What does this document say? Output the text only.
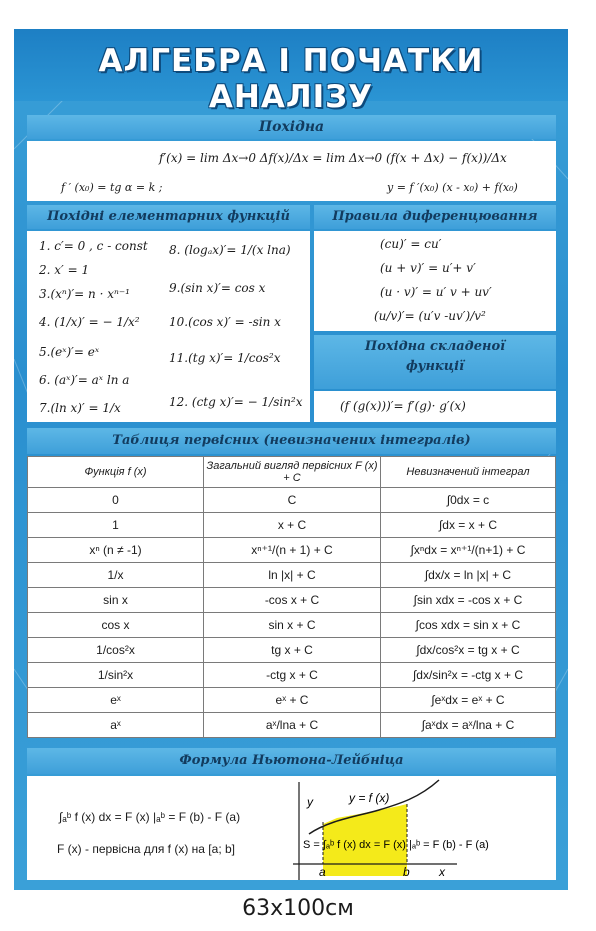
АЛГЕБРА І ПОЧАТКИ АНАЛІЗУ
Похідна
f′(x) = lim Δx→0 Δf(x)/Δx = lim Δx→0 (f(x + Δx) − f(x))/Δx
f ′ (x₀) = tg α = k ;	y = f ′(x₀) (x - x₀) + f(x₀)
Похідні елементарних функцій
1. c′= 0 , c - const
2. x′ = 1
3.(xⁿ)′= n · xⁿ⁻¹
4. (1/x)′ = − 1/x²
5.(eˣ)′= eˣ
6. (aˣ)′= aˣ ln a
7.(ln x)′ = 1/x
8. (logₐx)′= 1/(x lna)
9.(sin x)′= cos x
10.(cos x)′ = -sin x
11.(tg x)′= 1/cos²x
12. (ctg x)′= − 1/sin²x
Правила диференцювання
(cu)′ = cu′
(u + v)′ = u′+ v′
(u · v)′ = u′ v + uv′
(u/v)′= (u′v -uv′)/v²
Похідна складеної
функції
(f (g(x)))′= f′(g)· g′(x)
Таблиця первісних (невизначених інтегралів)
Функція f (x)	Загальний вигляд первісних F (x) + C	Невизначений інтеграл
0	C	∫0dx = c
1	x + C	∫dx = x + C
xⁿ (n ≠ -1)	xⁿ⁺¹/(n + 1) + C	∫xⁿdx = xⁿ⁺¹/(n+1) + C
1/x	ln |x| + C	∫dx/x = ln |x| + C
sin x	-cos x + C	∫sin xdx = -cos x + C
cos x	sin x + C	∫cos xdx = sin x + C
1/cos²x	tg x + C	∫dx/cos²x = tg x + C
1/sin²x	-ctg x + C	∫dx/sin²x = -ctg x + C
eˣ	eˣ + C	∫eˣdx = eˣ + C
aˣ	aˣ/lna + C	∫aˣdx = aˣ/lna + C
Формула Ньютона-Лейбніца
∫ₐᵇ f (x) dx = F (x) |ₐᵇ = F (b) - F (a)
F (x) - первісна для f (x) на [a; b]
y
x
a	b
y = f (x)
S = ∫ₐᵇ f (x) dx = F (x) |ₐᵇ = F (b) - F (a)
63х100см
